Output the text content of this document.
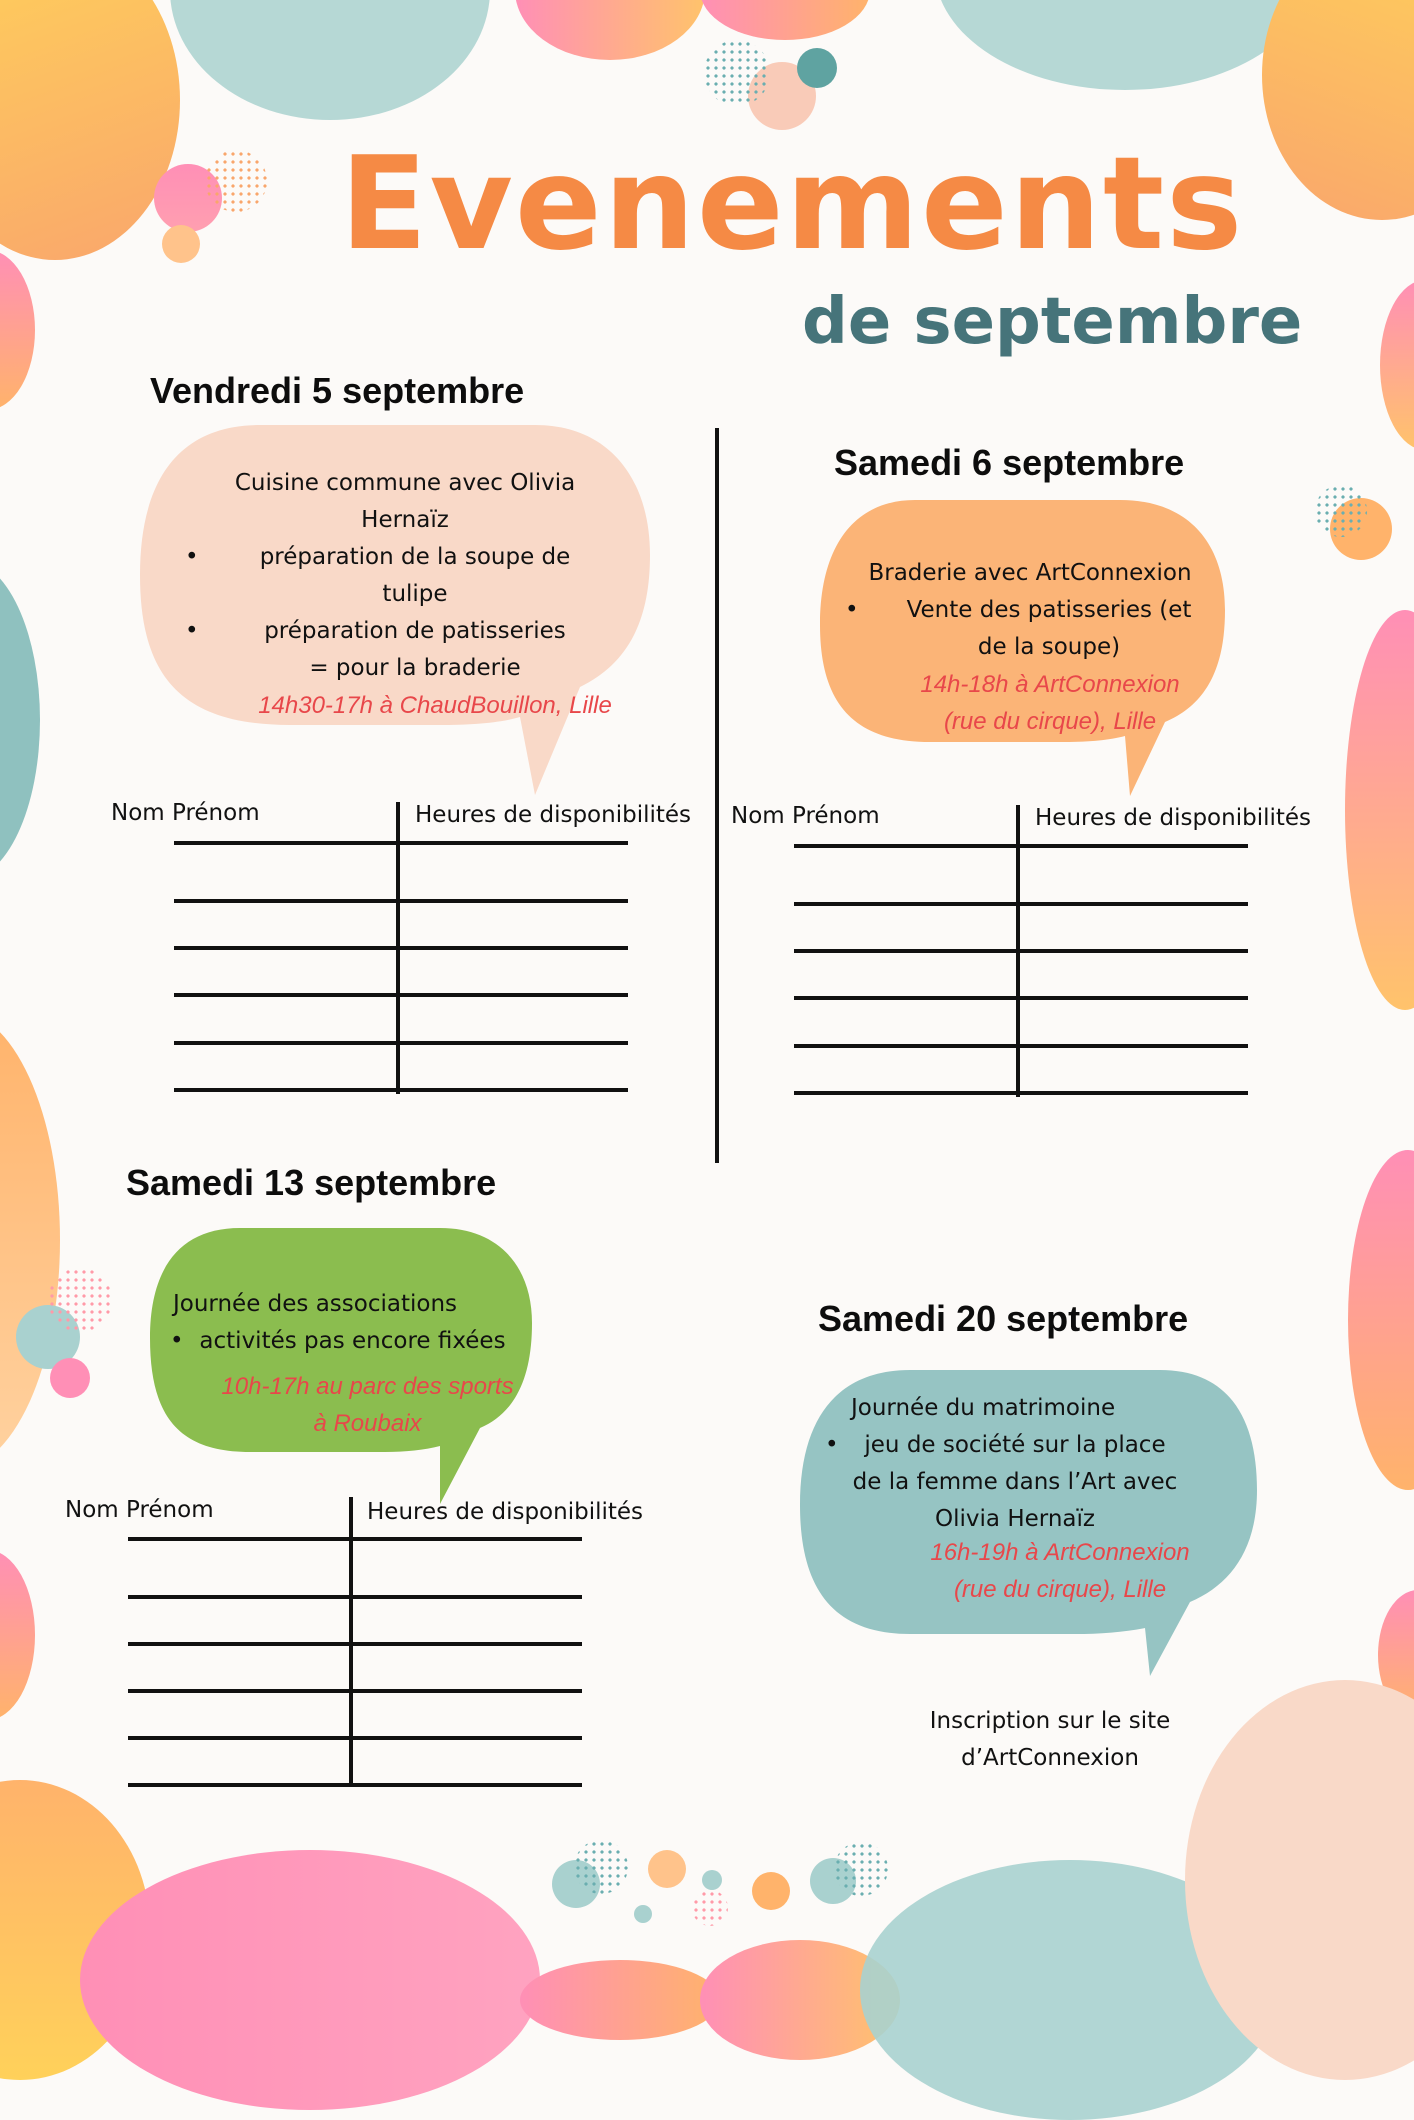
Evenements
de septembre
Vendredi 5 septembre
Cuisine commune avec Olivia
Hernaïz
• préparation de la soupe de
tulipe
• préparation de patisseries
= pour la braderie
14h30-17h à ChaudBouillon, Lille
Nom Prénom	Heures de disponibilités
Samedi 6 septembre
Braderie avec ArtConnexion
• Vente des patisseries (et
de la soupe)
14h-18h à ArtConnexion
(rue du cirque), Lille
Nom Prénom	Heures de disponibilités
Samedi 13 septembre
Journée des associations
• activités pas encore fixées
10h-17h au parc des sports
à Roubaix
Nom Prénom	Heures de disponibilités
Samedi 20 septembre
Journée du matrimoine
• jeu de société sur la place
de la femme dans l’Art avec
Olivia Hernaïz
16h-19h à ArtConnexion
(rue du cirque), Lille
Inscription sur le site
d’ArtConnexion
